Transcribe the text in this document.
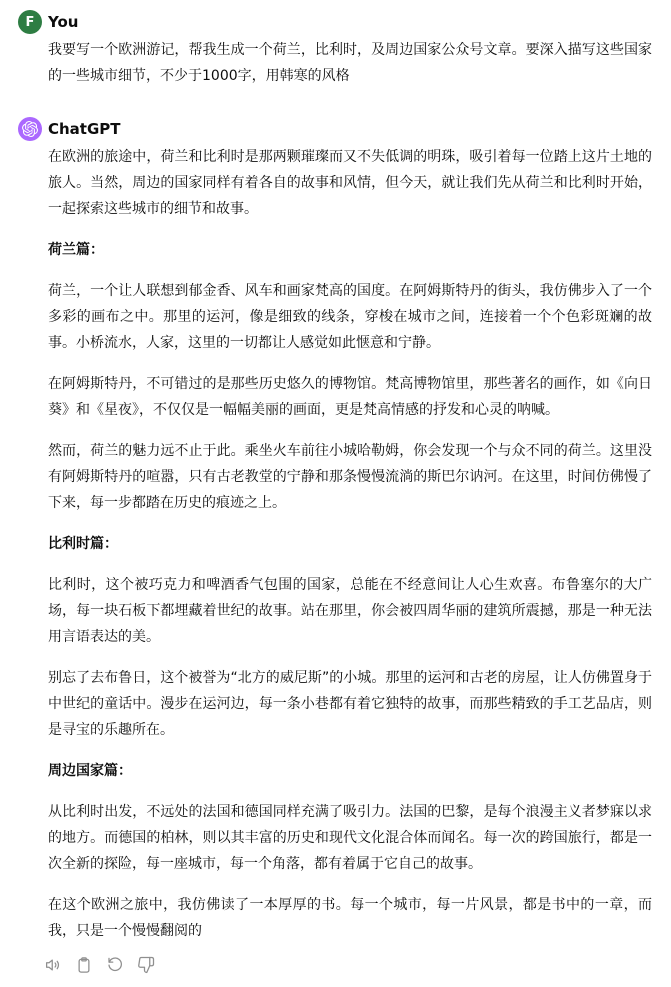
F You

我要写一个欧洲游记，帮我生成一个荷兰，比利时，及周边国家公众号文章。要深入描写这些国家的一些城市细节，不少于1000字，用韩寒的风格

ChatGPT

在欧洲的旅途中，荷兰和比利时是那两颗璀璨而又不失低调的明珠，吸引着每一位踏上这片土地的旅人。当然，周边的国家同样有着各自的故事和风情，但今天，就让我们先从荷兰和比利时开始，一起探索这些城市的细节和故事。

荷兰篇：

荷兰，一个让人联想到郁金香、风车和画家梵高的国度。在阿姆斯特丹的街头，我仿佛步入了一个多彩的画布之中。那里的运河，像是细致的线条，穿梭在城市之间，连接着一个个色彩斑斓的故事。小桥流水，人家，这里的一切都让人感觉如此惬意和宁静。

在阿姆斯特丹，不可错过的是那些历史悠久的博物馆。梵高博物馆里，那些著名的画作，如《向日葵》和《星夜》，不仅仅是一幅幅美丽的画面，更是梵高情感的抒发和心灵的呐喊。

然而，荷兰的魅力远不止于此。乘坐火车前往小城哈勒姆，你会发现一个与众不同的荷兰。这里没有阿姆斯特丹的喧嚣，只有古老教堂的宁静和那条慢慢流淌的斯巴尔讷河。在这里，时间仿佛慢了下来，每一步都踏在历史的痕迹之上。

比利时篇：

比利时，这个被巧克力和啤酒香气包围的国家，总能在不经意间让人心生欢喜。布鲁塞尔的大广场，每一块石板下都埋藏着世纪的故事。站在那里，你会被四周华丽的建筑所震撼，那是一种无法用言语表达的美。

别忘了去布鲁日，这个被誉为“北方的威尼斯”的小城。那里的运河和古老的房屋，让人仿佛置身于中世纪的童话中。漫步在运河边，每一条小巷都有着它独特的故事，而那些精致的手工艺品店，则是寻宝的乐趣所在。

周边国家篇：

从比利时出发，不远处的法国和德国同样充满了吸引力。法国的巴黎，是每个浪漫主义者梦寐以求的地方。而德国的柏林，则以其丰富的历史和现代文化混合体而闻名。每一次的跨国旅行，都是一次全新的探险，每一座城市，每一个角落，都有着属于它自己的故事。

在这个欧洲之旅中，我仿佛读了一本厚厚的书。每一个城市，每一片风景，都是书中的一章，而我，只是一个慢慢翻阅的
